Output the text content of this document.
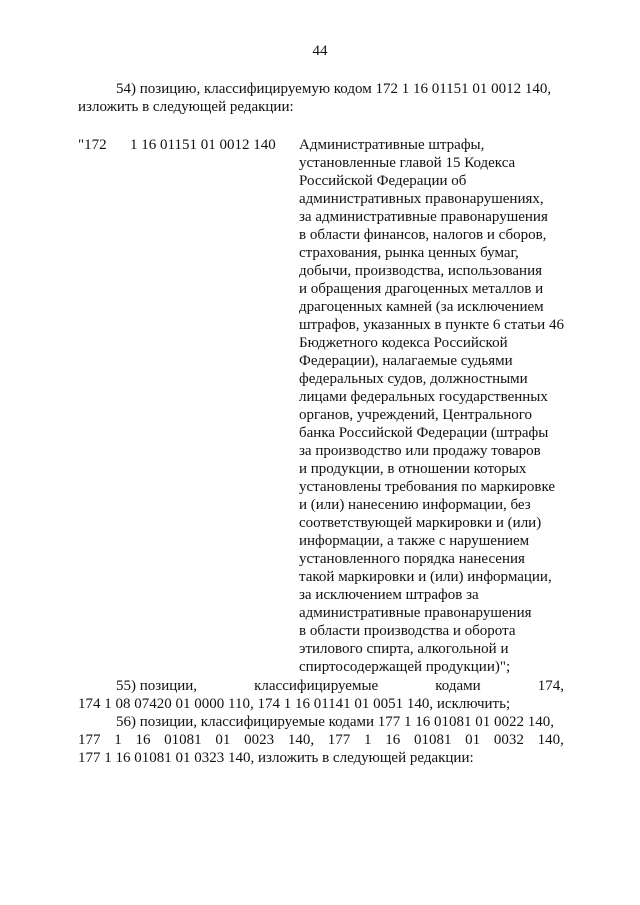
44
54) позицию, классифицируемую кодом 172 1 16 01151 01 0012 140,
изложить в следующей редакции:
"172 1 16 01151 01 0012 140 Административные штрафы,
установленные главой 15 Кодекса
Российской Федерации об
административных правонарушениях,
за административные правонарушения
в области финансов, налогов и сборов,
страхования, рынка ценных бумаг,
добычи, производства, использования
и обращения драгоценных металлов и
драгоценных камней (за исключением
штрафов, указанных в пункте 6 статьи 46
Бюджетного кодекса Российской
Федерации), налагаемые судьями
федеральных судов, должностными
лицами федеральных государственных
органов, учреждений, Центрального
банка Российской Федерации (штрафы
за производство или продажу товаров
и продукции, в отношении которых
установлены требования по маркировке
и (или) нанесению информации, без
соответствующей маркировки и (или)
информации, а также с нарушением
установленного порядка нанесения
такой маркировки и (или) информации,
за исключением штрафов за
административные правонарушения
в области производства и оборота
этилового спирта, алкогольной и
спиртосодержащей продукции)";
55) позиции,	классифицируемые	кодами	174,
174 1 08 07420 01 0000 110, 174 1 16 01141 01 0051 140, исключить;
56) позиции, классифицируемые кодами 177 1 16 01081 01 0022 140,
177 1 16 01081 01 0023 140, 177 1 16 01081 01 0032 140,
177 1 16 01081 01 0323 140, изложить в следующей редакции:
